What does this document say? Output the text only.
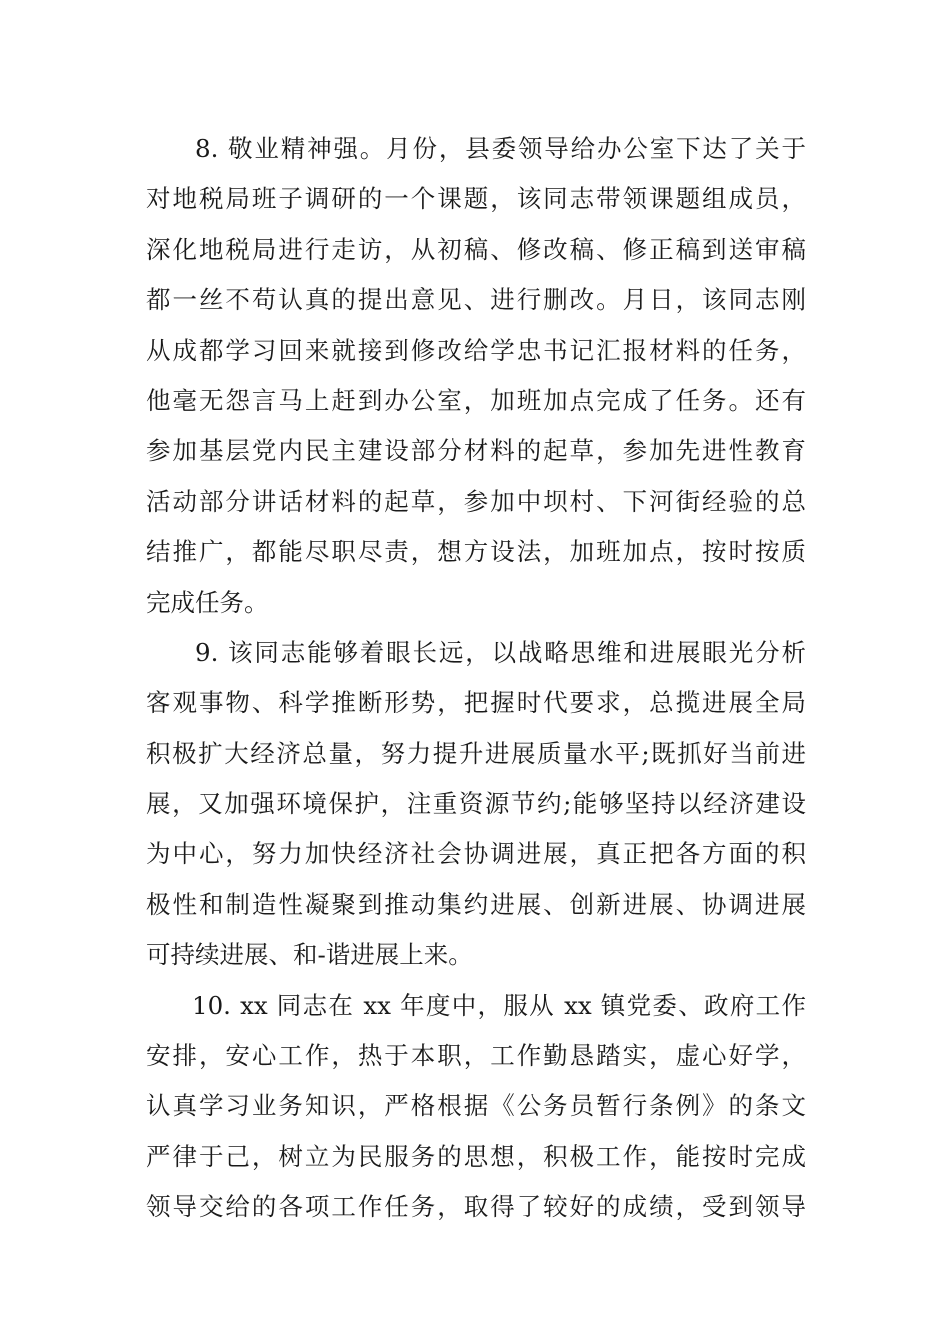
8. 敬业精神强。月份，县委领导给办公室下达了关于
对地税局班子调研的一个课题，该同志带领课题组成员，
深化地税局进行走访，从初稿、修改稿、修正稿到送审稿
都一丝不苟认真的提出意见、进行删改。月日，该同志刚
从成都学习回来就接到修改给学忠书记汇报材料的任务，
他毫无怨言马上赶到办公室，加班加点完成了任务。还有
参加基层党内民主建设部分材料的起草，参加先进性教育
活动部分讲话材料的起草，参加中坝村、下河街经验的总
结推广，都能尽职尽责，想方设法，加班加点，按时按质
完成任务。
9. 该同志能够着眼长远，以战略思维和进展眼光分析
客观事物、科学推断形势，把握时代要求，总揽进展全局
积极扩大经济总量，努力提升进展质量水平;既抓好当前进
展，又加强环境保护，注重资源节约;能够坚持以经济建设
为中心，努力加快经济社会协调进展，真正把各方面的积
极性和制造性凝聚到推动集约进展、创新进展、协调进展
可持续进展、和-谐进展上来。
10. xx 同志在 xx 年度中，服从 xx 镇党委、政府工作
安排，安心工作，热于本职，工作勤恳踏实，虚心好学，
认真学习业务知识，严格根据《公务员暂行条例》的条文
严律于己，树立为民服务的思想，积极工作，能按时完成
领导交给的各项工作任务，取得了较好的成绩，受到领导
